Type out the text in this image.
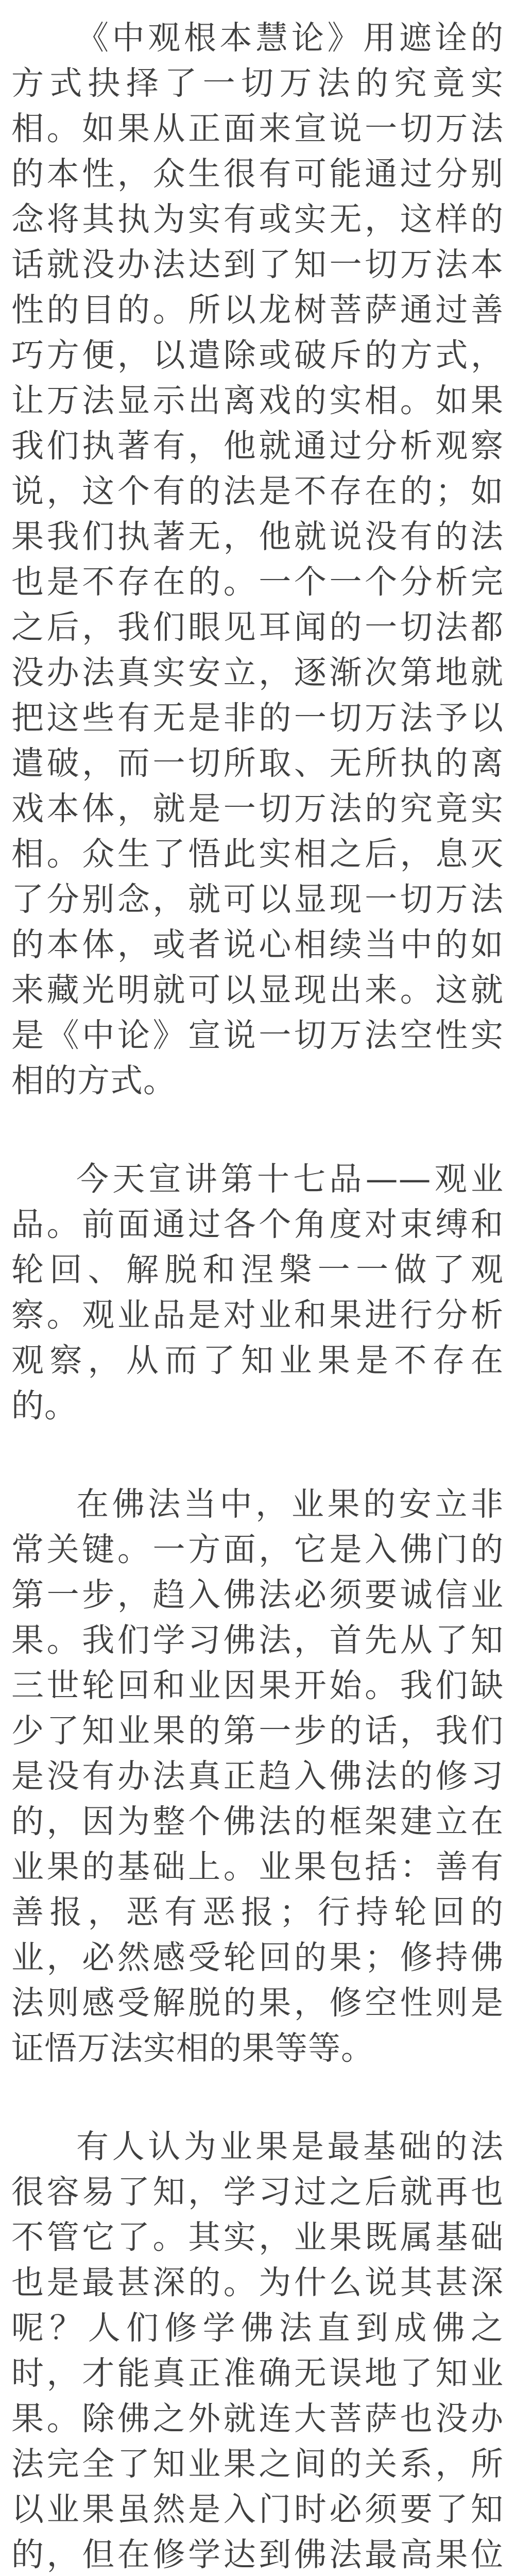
《中观根本慧论》用遮诠的方式抉择了一切万法的究竟实相。如果从正面来宣说一切万法的本性，众生很有可能通过分别念将其执为实有或实无，这样的话就没办法达到了知一切万法本性的目的。所以龙树菩萨通过善巧方便，以遣除或破斥的方式，让万法显示出离戏的实相。如果我们执著有，他就通过分析观察说，这个有的法是不存在的；如果我们执著无，他就说没有的法也是不存在的。一个一个分析完之后，我们眼见耳闻的一切法都没办法真实安立，逐渐次第地就把这些有无是非的一切万法予以遣破，而一切所取、无所执的离戏本体，就是一切万法的究竟实相。众生了悟此实相之后，息灭了分别念，就可以显现一切万法的本体，或者说心相续当中的如来藏光明就可以显现出来。这就是《中论》宣说一切万法空性实相的方式。

今天宣讲第十七品——观业品。前面通过各个角度对束缚和轮回、解脱和涅槃一一做了观察。观业品是对业和果进行分析观察，从而了知业果是不存在的。

在佛法当中，业果的安立非常关键。一方面，它是入佛门的第一步，趋入佛法必须要诚信业果。我们学习佛法，首先从了知三世轮回和业因果开始。我们缺少了知业果的第一步的话，我们是没有办法真正趋入佛法的修习的，因为整个佛法的框架建立在业果的基础上。业果包括：善有善报，恶有恶报；行持轮回的业，必然感受轮回的果；修持佛法则感受解脱的果，修空性则是证悟万法实相的果等等。

有人认为业果是最基础的法很容易了知，学习过之后就再也不管它了。其实，业果既属基础也是最甚深的。为什么说其甚深呢？人们修学佛法直到成佛之时，才能真正准确无误地了知业果。除佛之外就连大菩萨也没办法完全了知业果之间的关系，所以业果虽然是入门时必须要了知的，但在修学达到佛法最高果位
